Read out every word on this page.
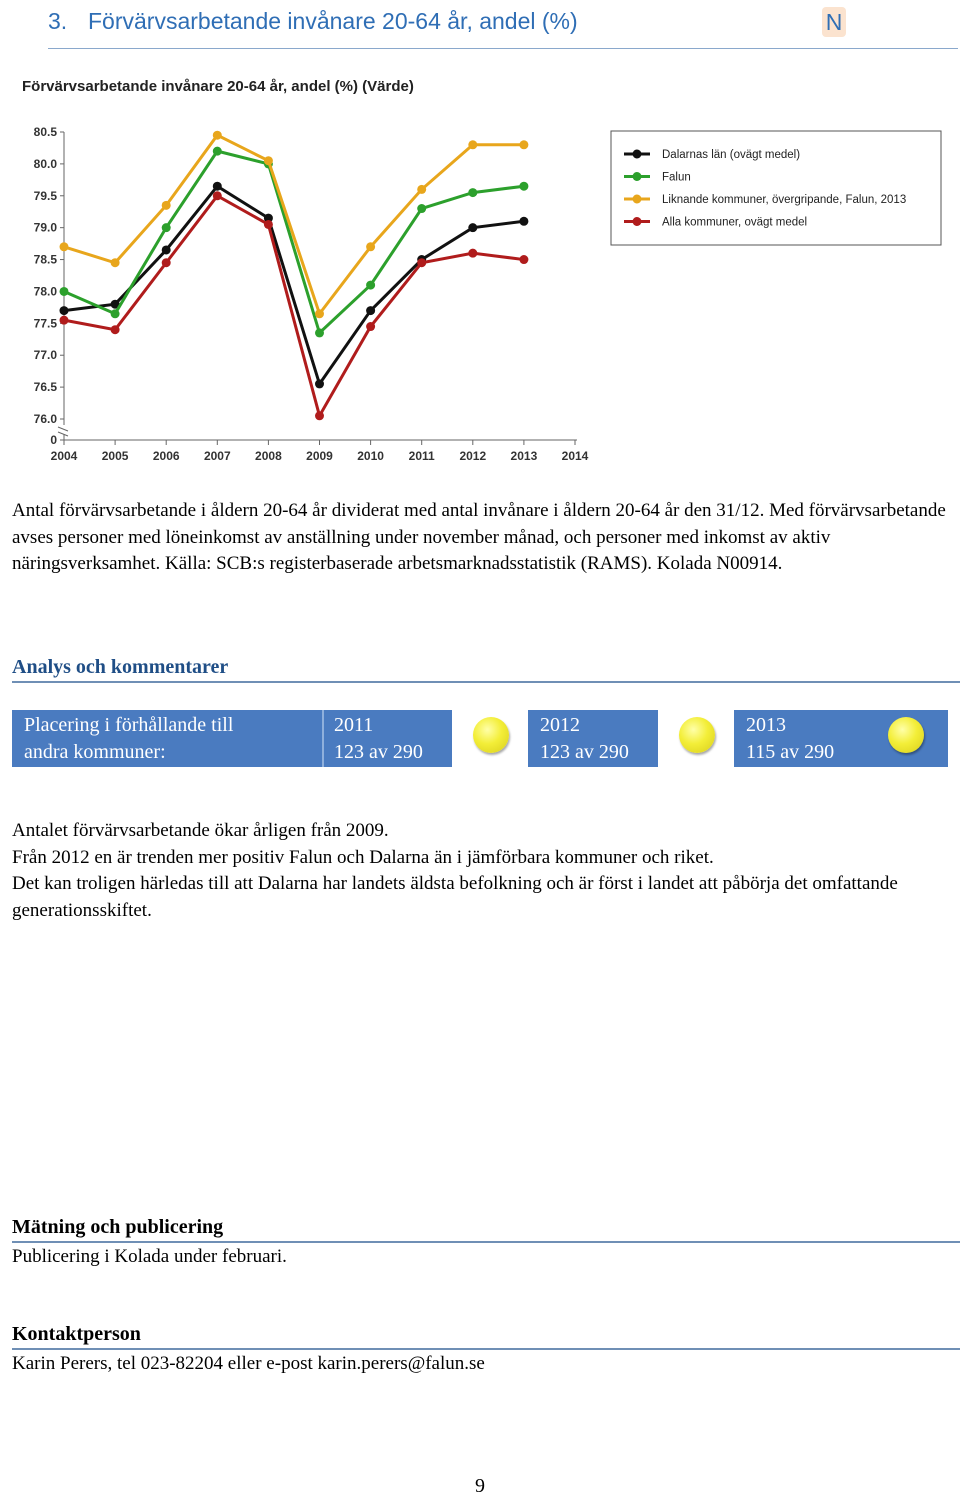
3. Förvärvsarbetande invånare 20-64 år, andel (%)	N
Förvärvsarbetande invånare 20-64 år, andel (%) (Värde)
80.5
80.0
79.5
79.0
78.5
78.0
77.5
77.0
76.5
76.0
0
2004 2005 2006 2007 2008 2009 2010 2011 2012 2013 2014
Dalarnas län (ovägt medel)
Falun
Liknande kommuner, övergripande, Falun, 2013
Alla kommuner, ovägt medel
Antal förvärvsarbetande i åldern 20-64 år dividerat med antal invånare i åldern 20-64 år den 31/12. Med förvärvsarbetande avses personer med löneinkomst av anställning under november månad, och personer med inkomst av aktiv näringsverksamhet. Källa: SCB:s registerbaserade arbetsmarknadsstatistik (RAMS). Kolada N00914.
Analys och kommentarer
Placering i förhållande till
andra kommuner:
2011
123 av 290
2012
123 av 290
2013
115 av 290
Antalet förvärvsarbetande ökar årligen från 2009.
Från 2012 en är trenden mer positiv Falun och Dalarna än i jämförbara kommuner och riket.
Det kan troligen härledas till att Dalarna har landets äldsta befolkning och är först i landet att påbörja det omfattande generationsskiftet.
Mätning och publicering
Publicering i Kolada under februari.
Kontaktperson
Karin Perers, tel 023-82204 eller e-post karin.perers@falun.se
9
